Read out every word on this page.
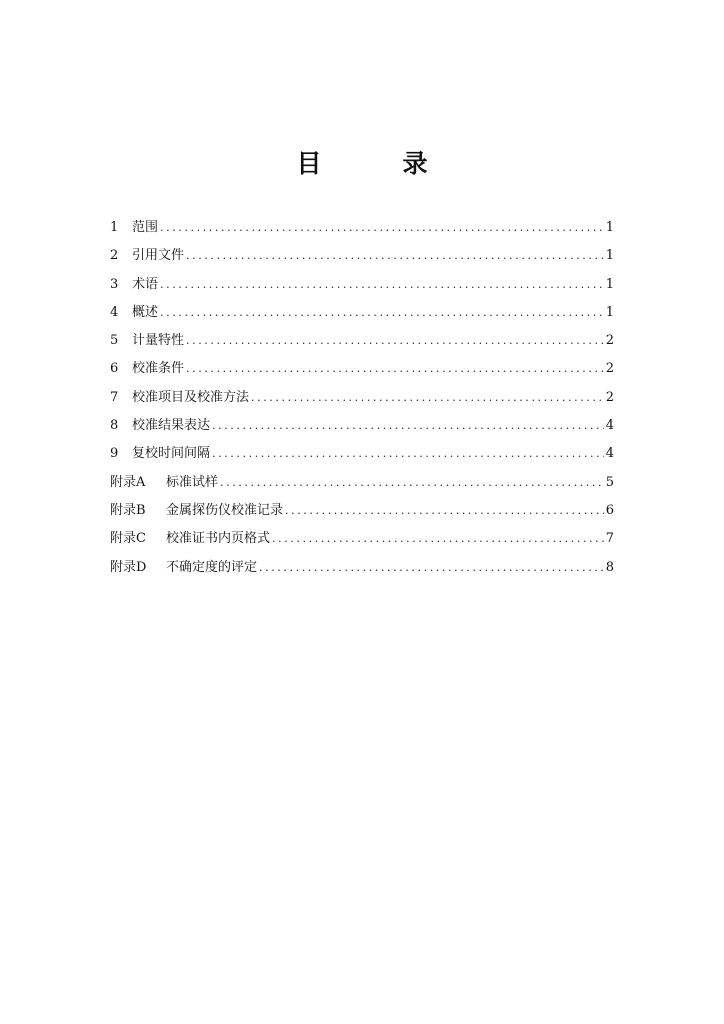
目　录
1	范围 .....	1
2	引用文件 .....	1
3	术语 .....	1
4	概述 .....	1
5	计量特性 .....	2
6	校准条件 .....	2
7	校准项目及校准方法 .....	2
8	校准结果表达 .....	4
9	复校时间间隔 .....	4
附录A	标准试样 .....	5
附录B	金属探伤仪校准记录 .....	6
附录C	校准证书内页格式 .....	7
附录D	不确定度的评定 .....	8
